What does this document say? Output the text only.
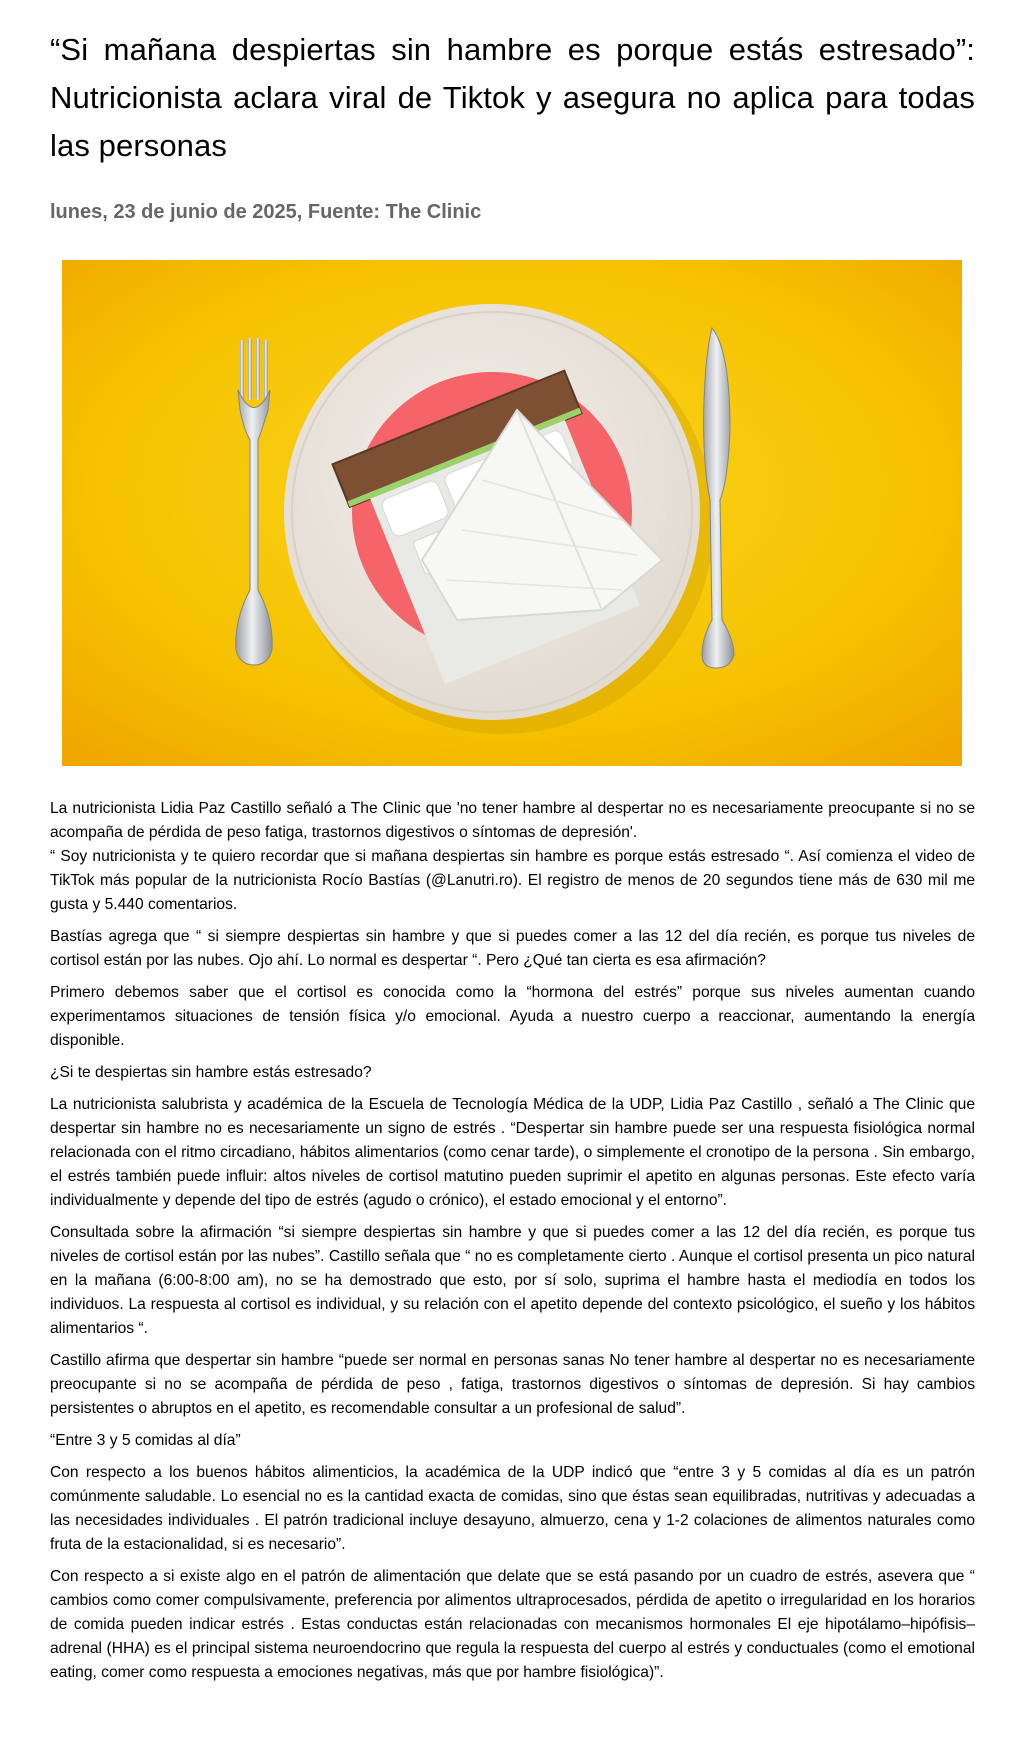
“Si mañana despiertas sin hambre es porque estás estresado”: Nutricionista aclara viral de Tiktok y asegura no aplica para todas las personas
lunes, 23 de junio de 2025, Fuente: The Clinic

La nutricionista Lidia Paz Castillo señaló a The Clinic que 'no tener hambre al despertar no es necesariamente preocupante si no se acompaña de pérdida de peso fatiga, trastornos digestivos o síntomas de depresión'.

“ Soy nutricionista y te quiero recordar que si mañana despiertas sin hambre es porque estás estresado “. Así comienza el video de TikTok más popular de la nutricionista Rocío Bastías (@Lanutri.ro). El registro de menos de 20 segundos tiene más de 630 mil me gusta y 5.440 comentarios.

Bastías agrega que “ si siempre despiertas sin hambre y que si puedes comer a las 12 del día recién, es porque tus niveles de cortisol están por las nubes. Ojo ahí. Lo normal es despertar “. Pero ¿Qué tan cierta es esa afirmación?

Primero debemos saber que el cortisol es conocida como la “hormona del estrés” porque sus niveles aumentan cuando experimentamos situaciones de tensión física y/o emocional. Ayuda a nuestro cuerpo a reaccionar, aumentando la energía disponible.

¿Si te despiertas sin hambre estás estresado?

La nutricionista salubrista y académica de la Escuela de Tecnología Médica de la UDP, Lidia Paz Castillo , señaló a The Clinic que despertar sin hambre no es necesariamente un signo de estrés . “Despertar sin hambre puede ser una respuesta fisiológica normal relacionada con el ritmo circadiano, hábitos alimentarios (como cenar tarde), o simplemente el cronotipo de la persona . Sin embargo, el estrés también puede influir: altos niveles de cortisol matutino pueden suprimir el apetito en algunas personas. Este efecto varía individualmente y depende del tipo de estrés (agudo o crónico), el estado emocional y el entorno”.

Consultada sobre la afirmación “si siempre despiertas sin hambre y que si puedes comer a las 12 del día recién, es porque tus niveles de cortisol están por las nubes”. Castillo señala que “ no es completamente cierto . Aunque el cortisol presenta un pico natural en la mañana (6:00-8:00 am), no se ha demostrado que esto, por sí solo, suprima el hambre hasta el mediodía en todos los individuos. La respuesta al cortisol es individual, y su relación con el apetito depende del contexto psicológico, el sueño y los hábitos alimentarios “.

Castillo afirma que despertar sin hambre “puede ser normal en personas sanas No tener hambre al despertar no es necesariamente preocupante si no se acompaña de pérdida de peso , fatiga, trastornos digestivos o síntomas de depresión. Si hay cambios persistentes o abruptos en el apetito, es recomendable consultar a un profesional de salud”.

“Entre 3 y 5 comidas al día”

Con respecto a los buenos hábitos alimenticios, la académica de la UDP indicó que “entre 3 y 5 comidas al día es un patrón comúnmente saludable. Lo esencial no es la cantidad exacta de comidas, sino que éstas sean equilibradas, nutritivas y adecuadas a las necesidades individuales . El patrón tradicional incluye desayuno, almuerzo, cena y 1-2 colaciones de alimentos naturales como fruta de la estacionalidad, si es necesario”.

Con respecto a si existe algo en el patrón de alimentación que delate que se está pasando por un cuadro de estrés, asevera que “ cambios como comer compulsivamente, preferencia por alimentos ultraprocesados, pérdida de apetito o irregularidad en los horarios de comida pueden indicar estrés . Estas conductas están relacionadas con mecanismos hormonales El eje hipotálamo–hipófisis–adrenal (HHA) es el principal sistema neuroendocrino que regula la respuesta del cuerpo al estrés y conductuales (como el emotional eating, comer como respuesta a emociones negativas, más que por hambre fisiológica)”.
